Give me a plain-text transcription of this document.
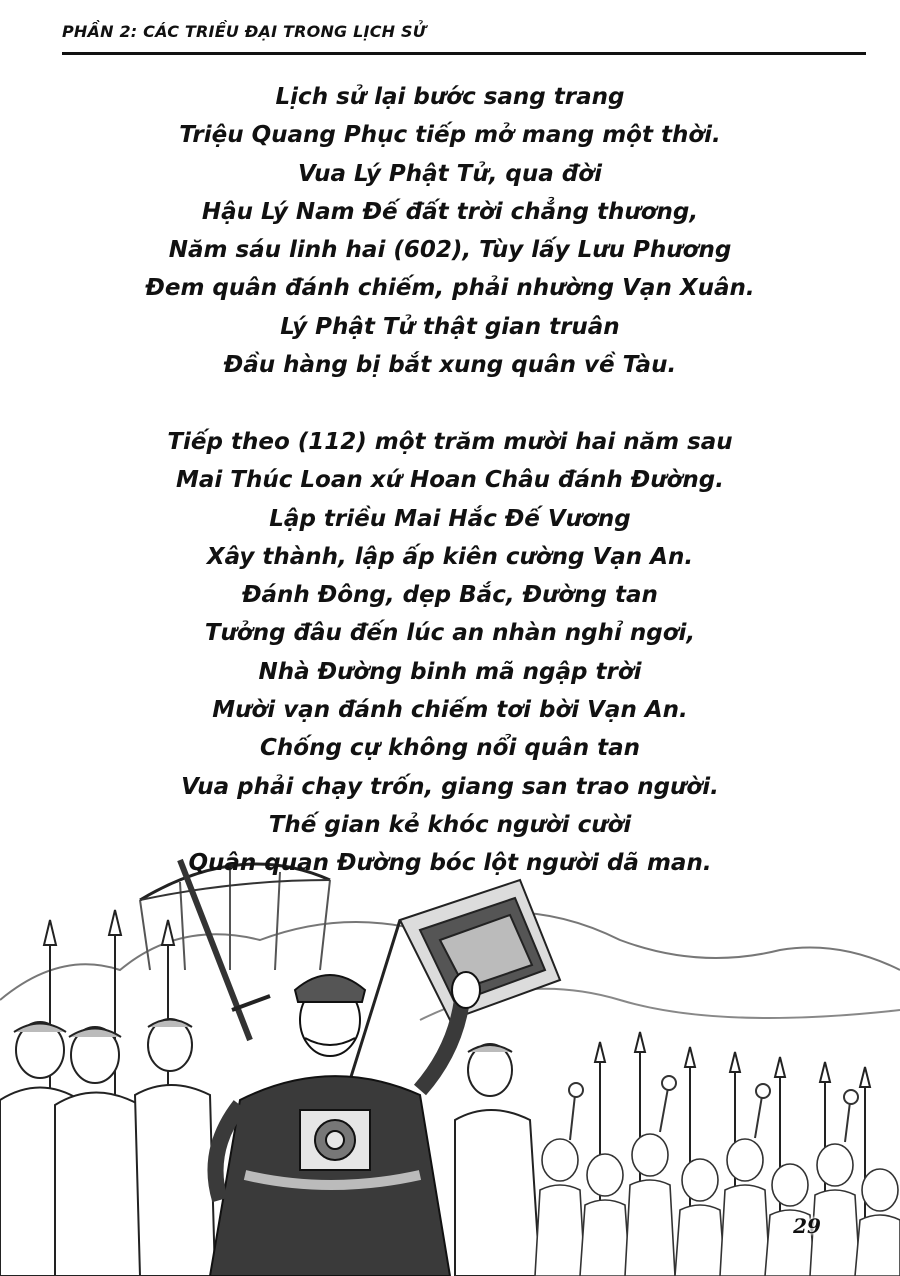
PHẦN 2: CÁC TRIỀU ĐẠI TRONG LỊCH SỬ
Lịch sử lại bước sang trang
Triệu Quang Phục tiếp mở mang một thời.
Vua Lý Phật Tử, qua đời
Hậu Lý Nam Đế đất trời chẳng thương,
Năm sáu linh hai (602), Tùy lấy Lưu Phương
Đem quân đánh chiếm, phải nhường Vạn Xuân.
Lý Phật Tử thật gian truân
Đầu hàng bị bắt xung quân về Tàu.
Tiếp theo (112) một trăm mười hai năm sau
Mai Thúc Loan xứ Hoan Châu đánh Đường.
Lập triều Mai Hắc Đế Vương
Xây thành, lập ấp kiên cường Vạn An.
Đánh Đông, dẹp Bắc, Đường tan
Tưởng đâu đến lúc an nhàn nghỉ ngơi,
Nhà Đường binh mã ngập trời
Mười vạn đánh chiếm tơi bời Vạn An.
Chống cự không nổi quân tan
Vua phải chạy trốn, giang san trao người.
Thế gian kẻ khóc người cười
Quân quan Đường bóc lột người dã man.
29
